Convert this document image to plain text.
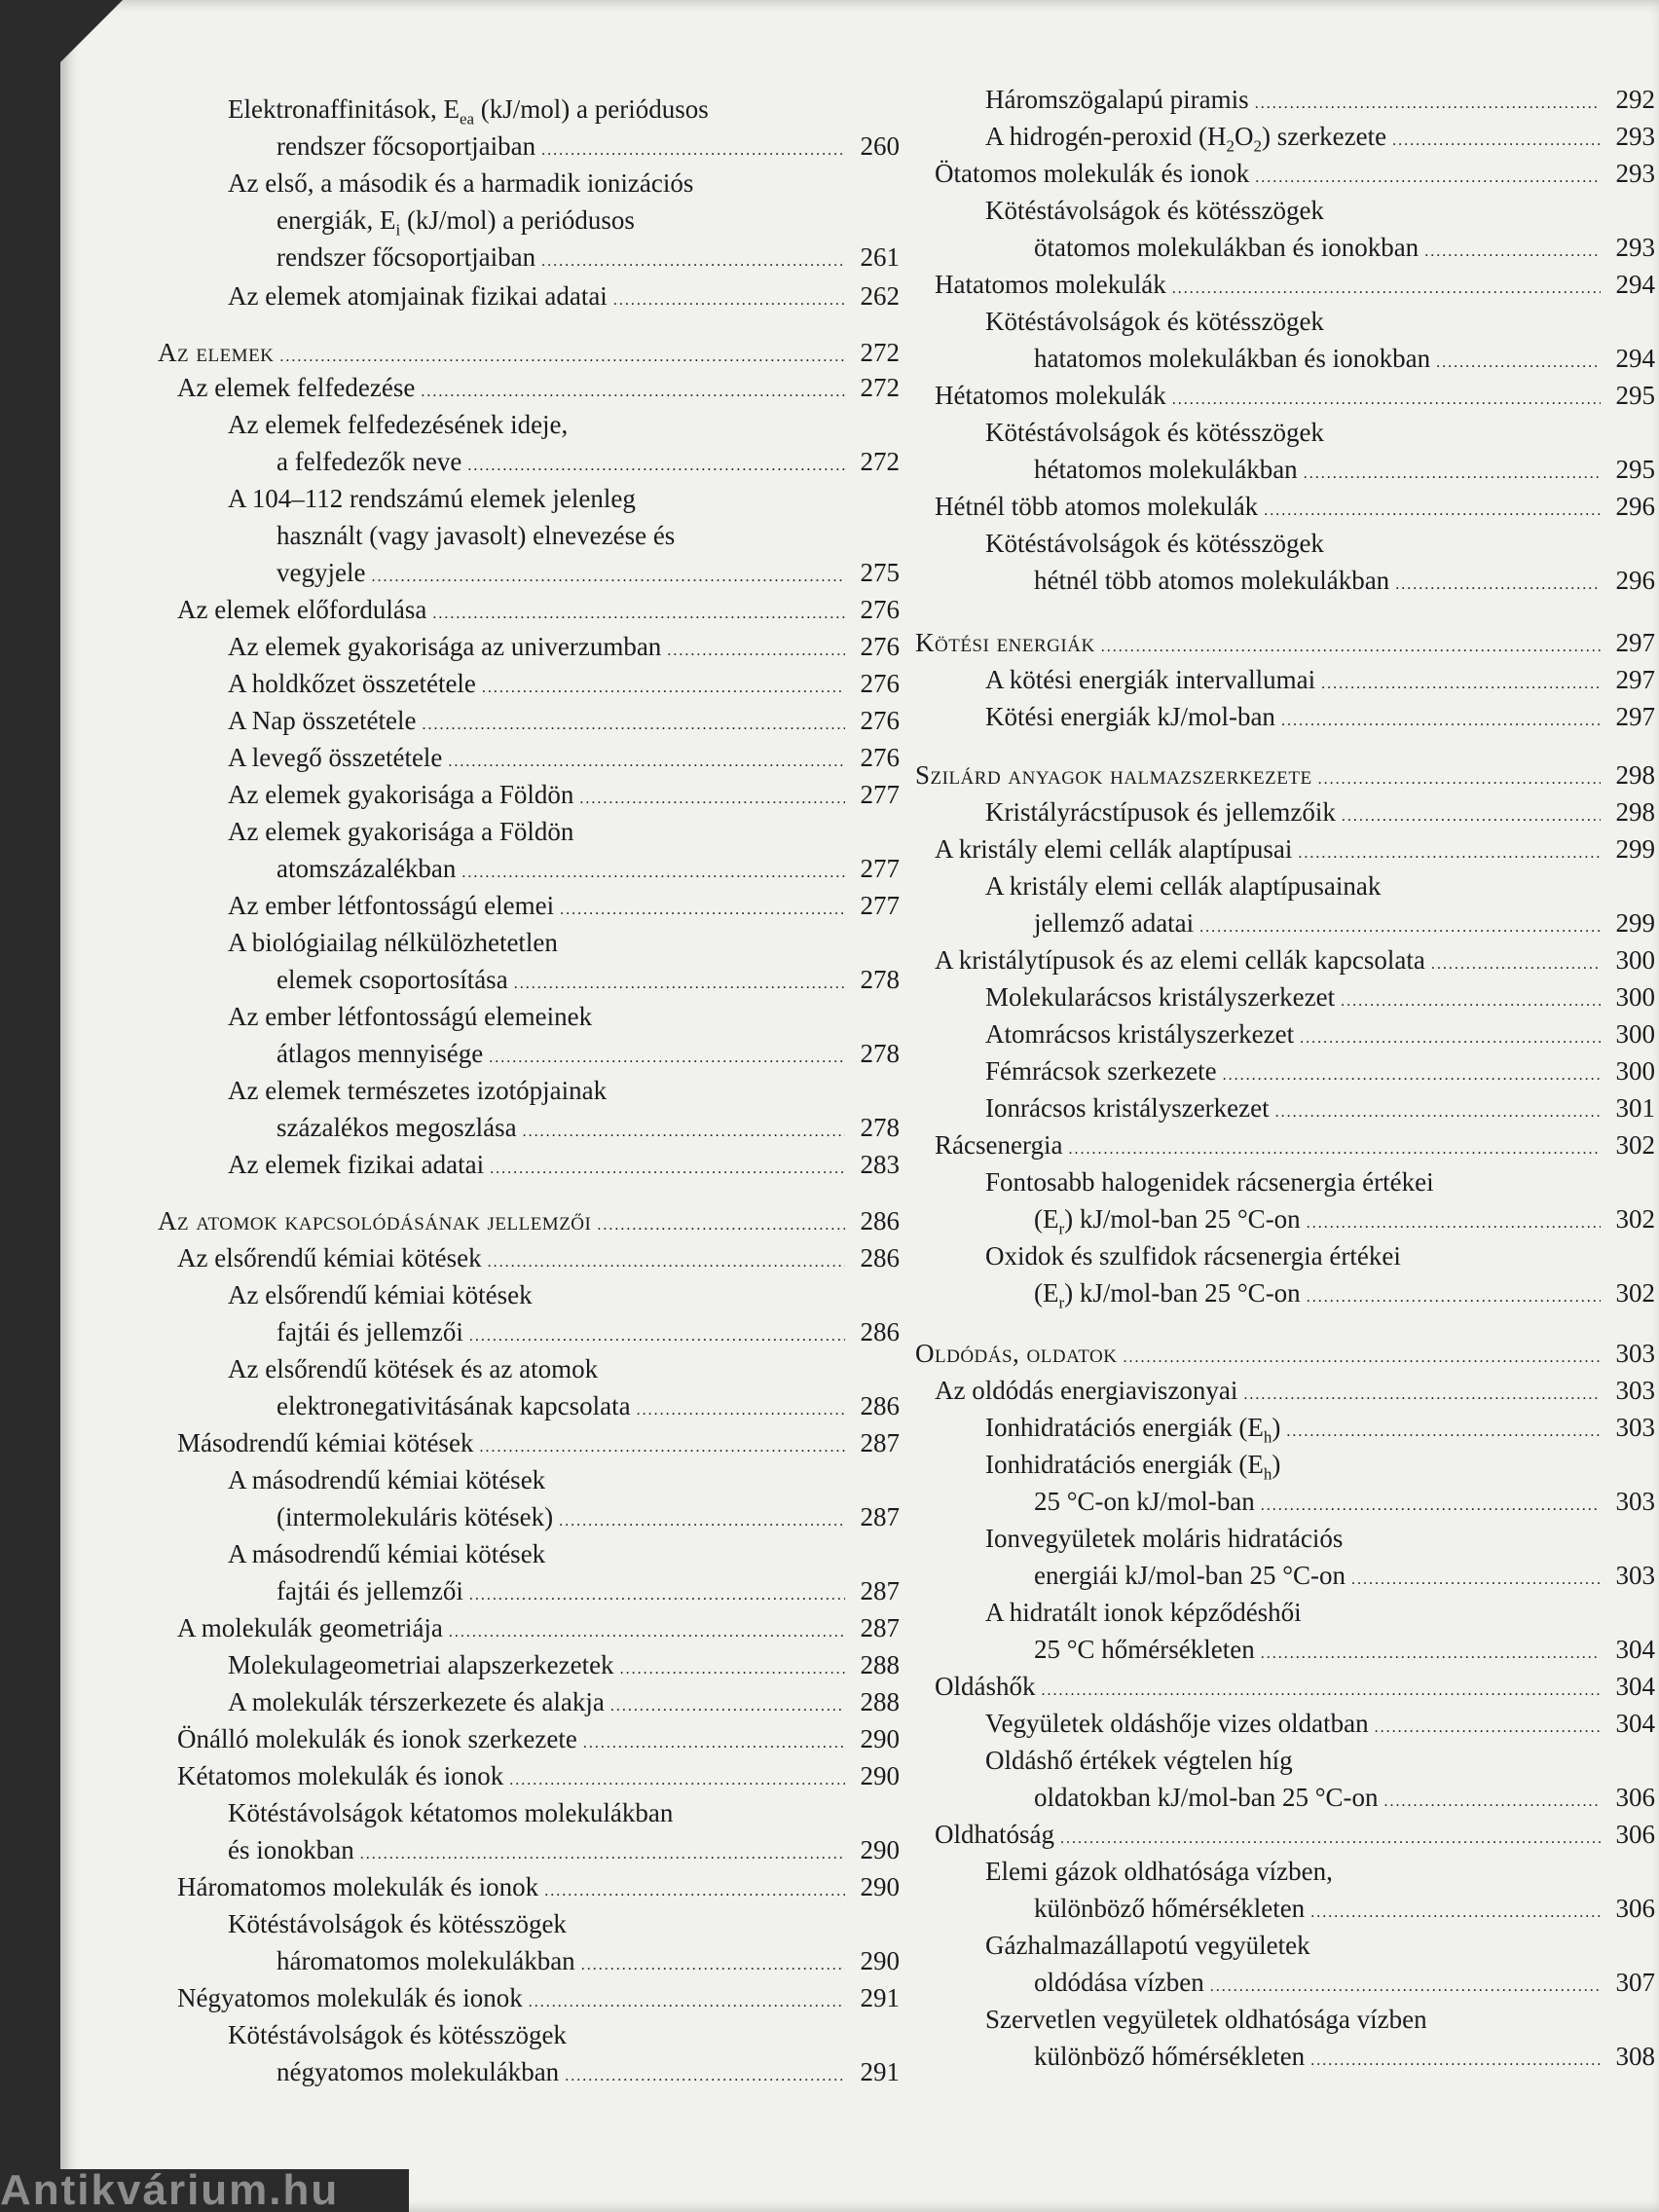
Elektronaffinitások, $E_{ea}$ (kJ/mol) a periódusos
rendszer főcsoportjaiban . . .	260
Az első, a második és a harmadik ionizációs
energiák, $E_i$ (kJ/mol) a periódusos
rendszer főcsoportjaiban . . .	261
Az elemek atomjainak fizikai adatai . . .	262
Az elemek . . .	272
Az elemek felfedezése . . .	272
Az elemek felfedezésének ideje,
a felfedezők neve . . .	272
A 104–112 rendszámú elemek jelenleg
használt (vagy javasolt) elnevezése és
vegyjele . . .	275
Az elemek előfordulása . . .	276
Az elemek gyakorisága az univerzumban . . .	276
A holdkőzet összetétele . . .	276
A Nap összetétele . . .	276
A levegő összetétele . . .	276
Az elemek gyakorisága a Földön . . .	277
Az elemek gyakorisága a Földön
atomszázalékban . . .	277
Az ember létfontosságú elemei . . .	277
A biológiailag nélkülözhetetlen
elemek csoportosítása . . .	278
Az ember létfontosságú elemeinek
átlagos mennyisége . . .	278
Az elemek természetes izotópjainak
százalékos megoszlása . . .	278
Az elemek fizikai adatai . . .	283
Az atomok kapcsolódásának jellemzői . . .	286
Az elsőrendű kémiai kötések . . .	286
Az elsőrendű kémiai kötések
fajtái és jellemzői . . .	286
Az elsőrendű kötések és az atomok
elektronegativitásának kapcsolata . . .	286
Másodrendű kémiai kötések . . .	287
A másodrendű kémiai kötések
(intermolekuláris kötések) . . .	287
A másodrendű kémiai kötések
fajtái és jellemzői . . .	287
A molekulák geometriája . . .	287
Molekulageometriai alapszerkezetek . . .	288
A molekulák térszerkezete és alakja . . .	288
Önálló molekulák és ionok szerkezete . . .	290
Kétatomos molekulák és ionok . . .	290
Kötéstávolságok kétatomos molekulákban
és ionokban . . .	290
Háromatomos molekulák és ionok . . .	290
Kötéstávolságok és kötésszögek
háromatomos molekulákban . . .	290
Négyatomos molekulák és ionok . . .	291
Kötéstávolságok és kötésszögek
négyatomos molekulákban . . .	291
Háromszögalapú piramis . . .	292
A hidrogén-peroxid $(H_2O_2)$ szerkezete . . .	293
Ötatomos molekulák és ionok . . .	293
Kötéstávolságok és kötésszögek
ötatomos molekulákban és ionokban . . .	293
Hatatomos molekulák . . .	294
Kötéstávolságok és kötésszögek
hatatomos molekulákban és ionokban . . .	294
Hétatomos molekulák . . .	295
Kötéstávolságok és kötésszögek
hétatomos molekulákban . . .	295
Hétnél több atomos molekulák . . .	296
Kötéstávolságok és kötésszögek
hétnél több atomos molekulákban . . .	296
Kötési energiák . . .	297
A kötési energiák intervallumai . . .	297
Kötési energiák kJ/mol-ban . . .	297
Szilárd anyagok halmazszerkezete . . .	298
Kristályrácstípusok és jellemzőik . . .	298
A kristály elemi cellák alaptípusai . . .	299
A kristály elemi cellák alaptípusainak
jellemző adatai . . .	299
A kristálytípusok és az elemi cellák kapcsolata . . .	300
Molekularácsos kristályszerkezet . . .	300
Atomrácsos kristályszerkezet . . .	300
Fémrácsok szerkezete . . .	300
Ionrácsos kristályszerkezet . . .	301
Rácsenergia . . .	302
Fontosabb halogenidek rácsenergia értékei
$(E_r)$ kJ/mol-ban 25 °C-on . . .	302
Oxidok és szulfidok rácsenergia értékei
$(E_r)$ kJ/mol-ban 25 °C-on . . .	302
Oldódás, oldatok . . .	303
Az oldódás energiaviszonyai . . .	303
Ionhidratációs energiák $(E_h)$ . . .	303
Ionhidratációs energiák $(E_h)$
25 °C-on kJ/mol-ban . . .	303
Ionvegyületek moláris hidratációs
energiái kJ/mol-ban 25 °C-on . . .	303
A hidratált ionok képződéshői
25 °C hőmérsékleten . . .	304
Oldáshők . . .	304
Vegyületek oldáshője vizes oldatban . . .	304
Oldáshő értékek végtelen híg
oldatokban kJ/mol-ban 25 °C-on . . .	306
Oldhatóság . . .	306
Elemi gázok oldhatósága vízben,
különböző hőmérsékleten . . .	306
Gázhalmazállapotú vegyületek
oldódása vízben . . .	307
Szervetlen vegyületek oldhatósága vízben
különböző hőmérsékleten . . .	308
Antikvárium.hu
